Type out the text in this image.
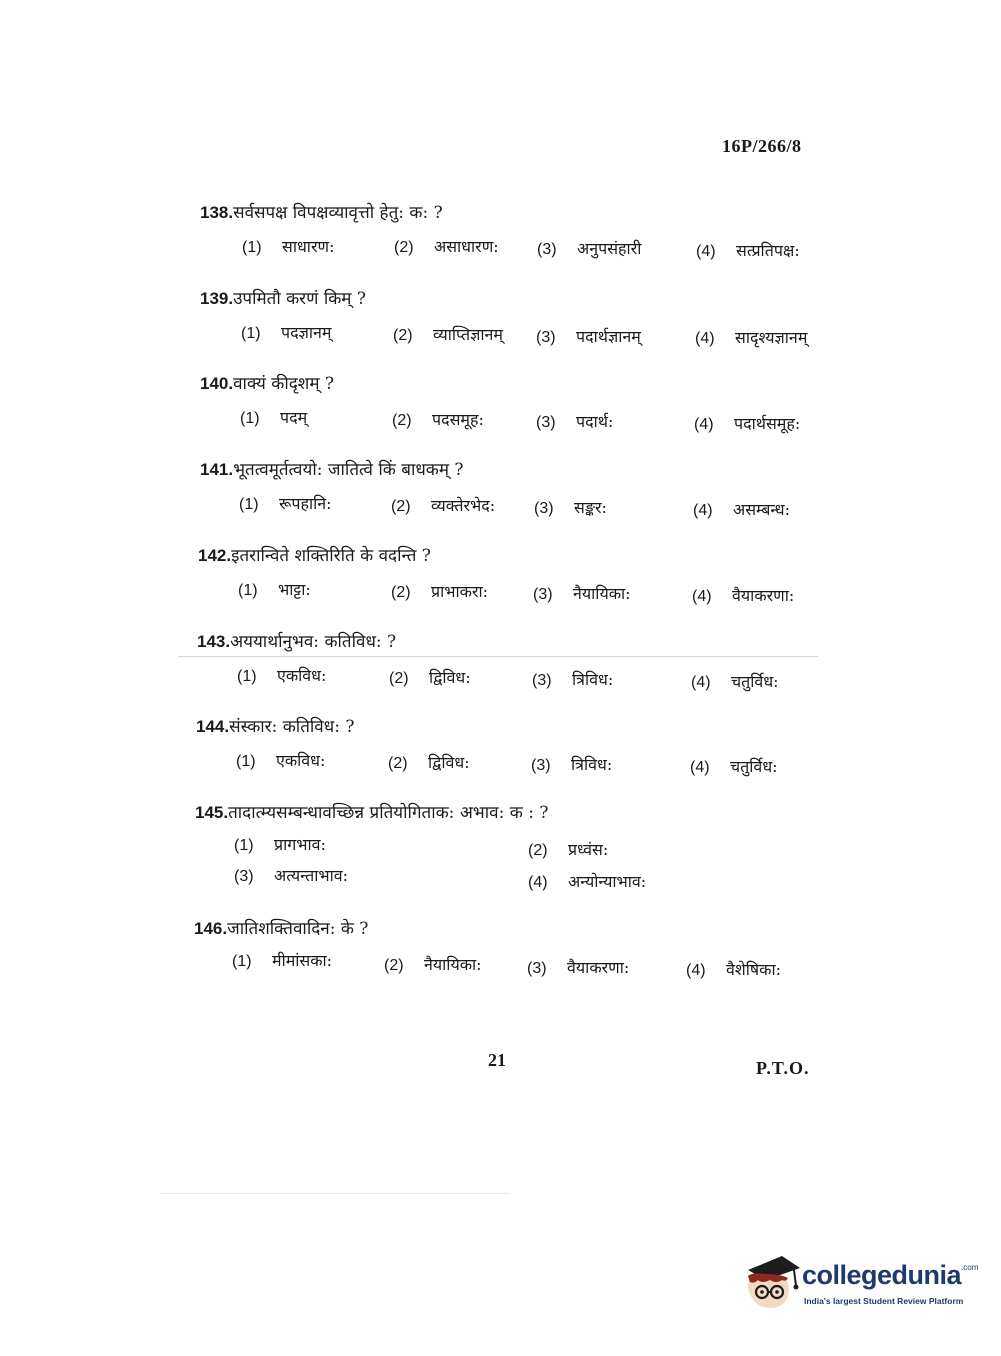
16P/266/8
138.सर्वसपक्ष विपक्षव्यावृत्तो हेतु: क: ?
(1) साधारण:	(2) असाधारण: (3) अनुपसंहारी	(4) सत्प्रतिपक्ष:
139.उपमितौ करणं किम् ?
(1) पदज्ञानम्	(2) व्याप्तिज्ञानम् (3) पदार्थज्ञानम्	(4) सादृश्यज्ञानम्
140.वाक्यं कीदृशम् ?
(1) पदम्	(2) पदसमूह:	(3) पदार्थ:	(4) पदार्थसमूह:
141.भूतत्वमूर्तत्वयो: जातित्वे किं बाधकम् ?
(1) रूपहानि:	(2) व्यक्तेरभेद: (3) सङ्कर:	(4) असम्बन्ध:
142.इतरान्विते शक्तिरिति के वदन्ति ?
(1) भाट्टा:	(2) प्राभाकरा:	(3) नैयायिका:	(4) वैयाकरणा:
143.अययार्थानुभव: कतिविध: ?
(1) एकविध:	(2) द्विविध:	(3) त्रिविध:	(4) चतुर्विध:
144.संस्कार: कतिविध: ?
(1) एकविध:	(2) द्विविध:	(3) त्रिविध:	(4) चतुर्विध:
145.तादात्म्यसम्बन्धावच्छिन्न प्रतियोगिताक: अभाव: क : ?
(1) प्रागभाव:	(2) प्रध्वंस:
(3) अत्यन्ताभाव:	(4) अन्योन्याभाव:
146.जातिशक्तिवादिन: के ?
(1) मीमांसका:	(2) नैयायिका:	(3) वैयाकरणा:	(4) वैशेषिका:
21	P.T.O.
collegedunia$^{.com}$
India's largest Student Review Platform
